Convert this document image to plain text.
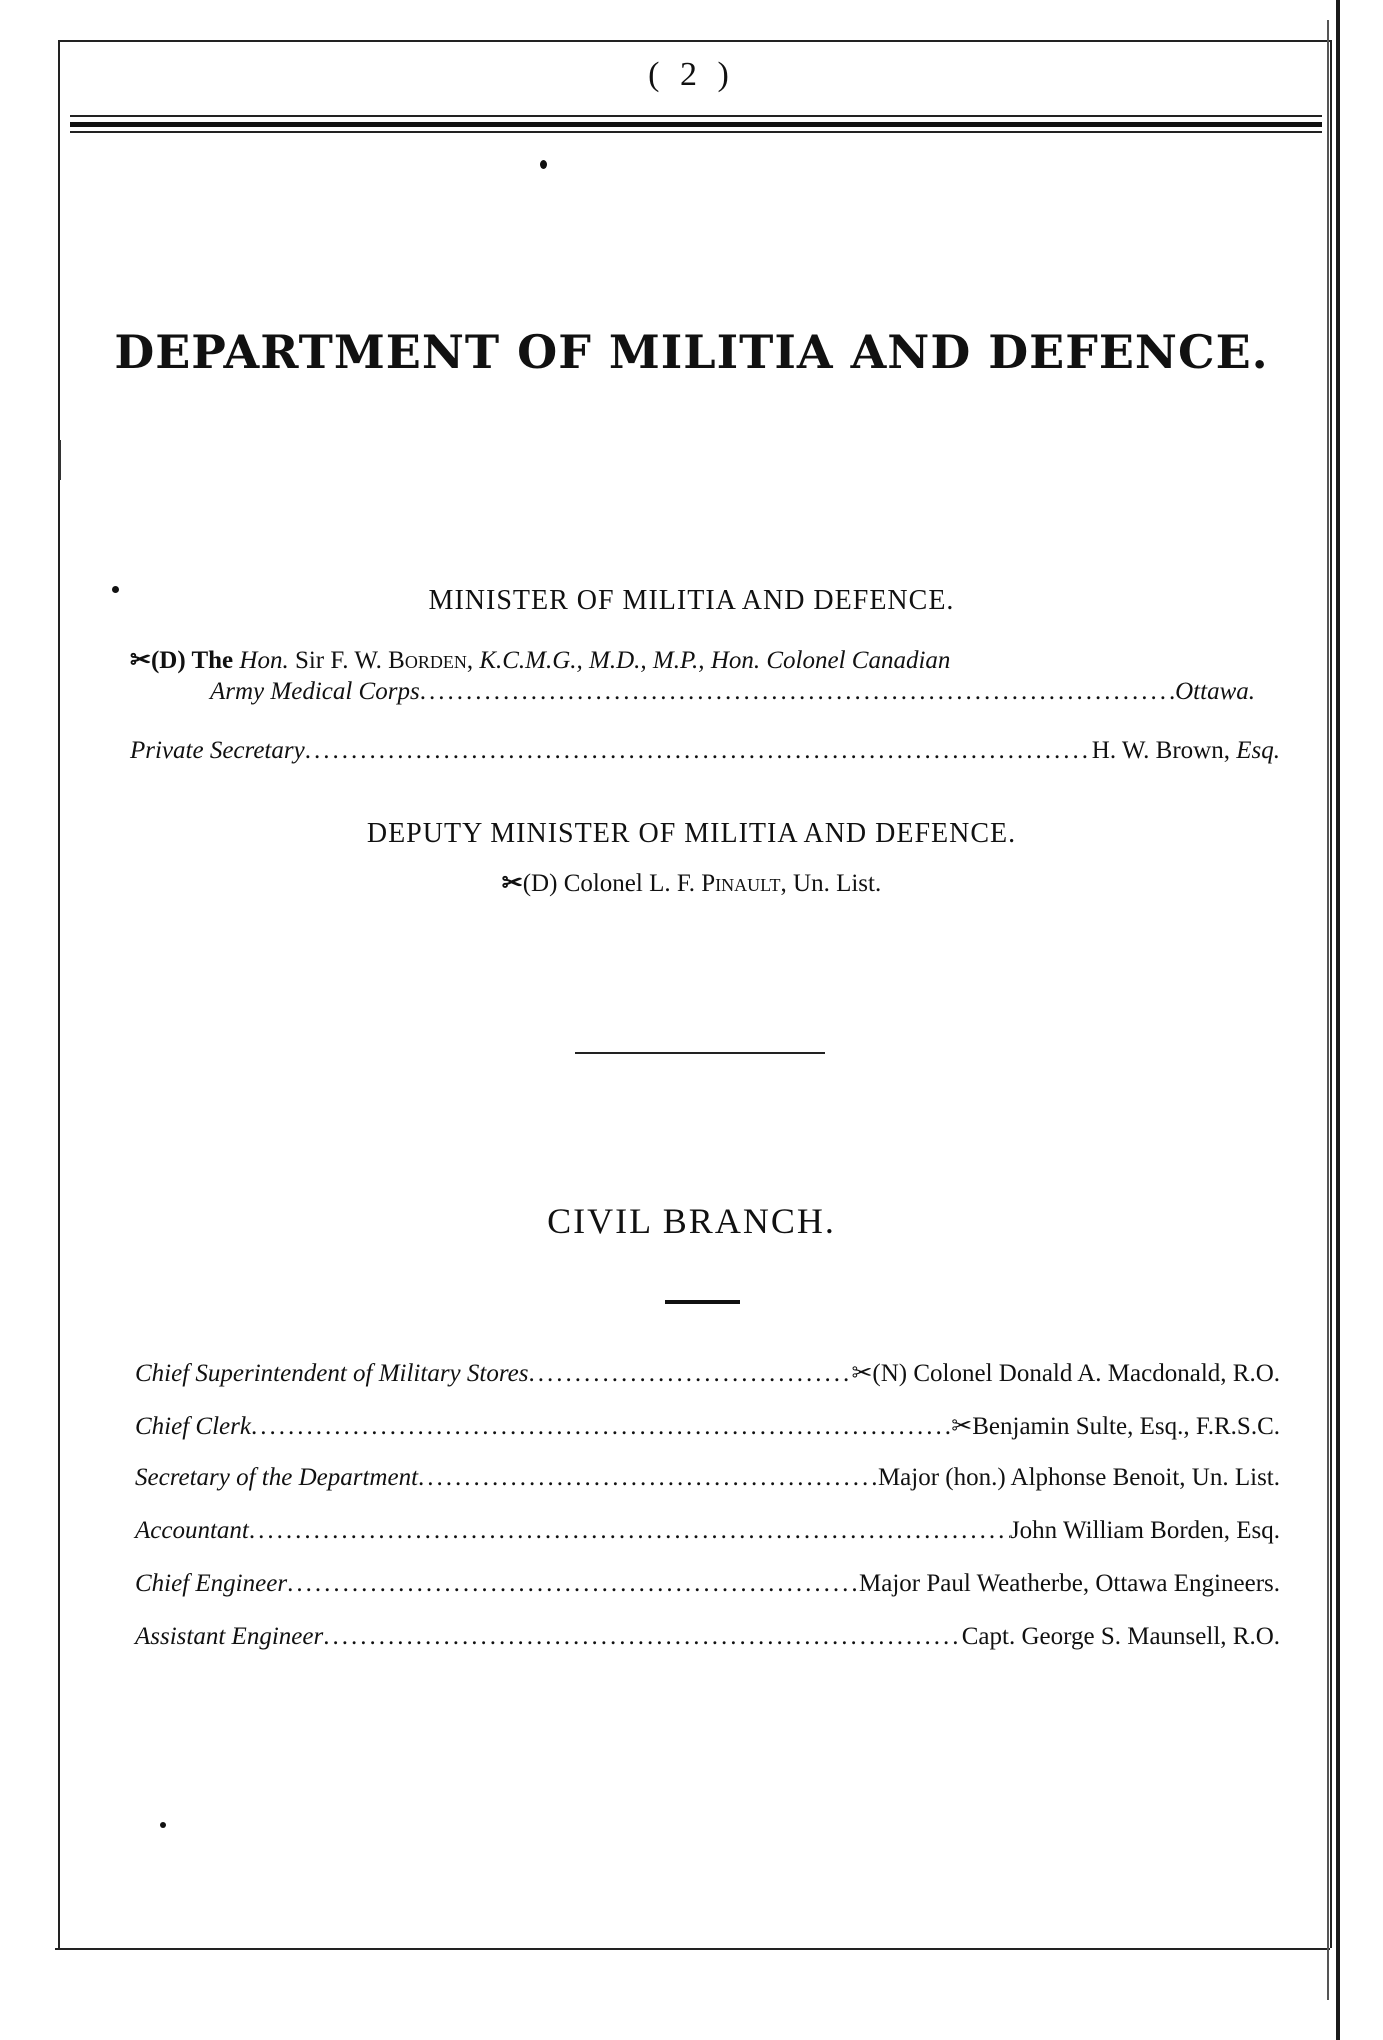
( 2 )
DEPARTMENT OF MILITIA AND DEFENCE.
MINISTER OF MILITIA AND DEFENCE.
✂(D) The Hon. Sir F. W. Borden, K.C.M.G., M.D., M.P., Hon. Colonel Canadian
Army Medical Corps .....	Ottawa.
Private Secretary .....	H. W. Brown, Esq.
DEPUTY MINISTER OF MILITIA AND DEFENCE.
✂(D) Colonel L. F. Pinault, Un. List.
CIVIL BRANCH.
Chief Superintendent of Military Stores .....	✂(N) Colonel Donald A. Macdonald, R.O.
Chief Clerk .....	✂Benjamin Sulte, Esq., F.R.S.C.
Secretary of the Department .....	Major (hon.) Alphonse Benoit, Un. List.
Accountant .....	John William Borden, Esq.
Chief Engineer .....	Major Paul Weatherbe, Ottawa Engineers.
Assistant Engineer .....	Capt. George S. Maunsell, R.O.
